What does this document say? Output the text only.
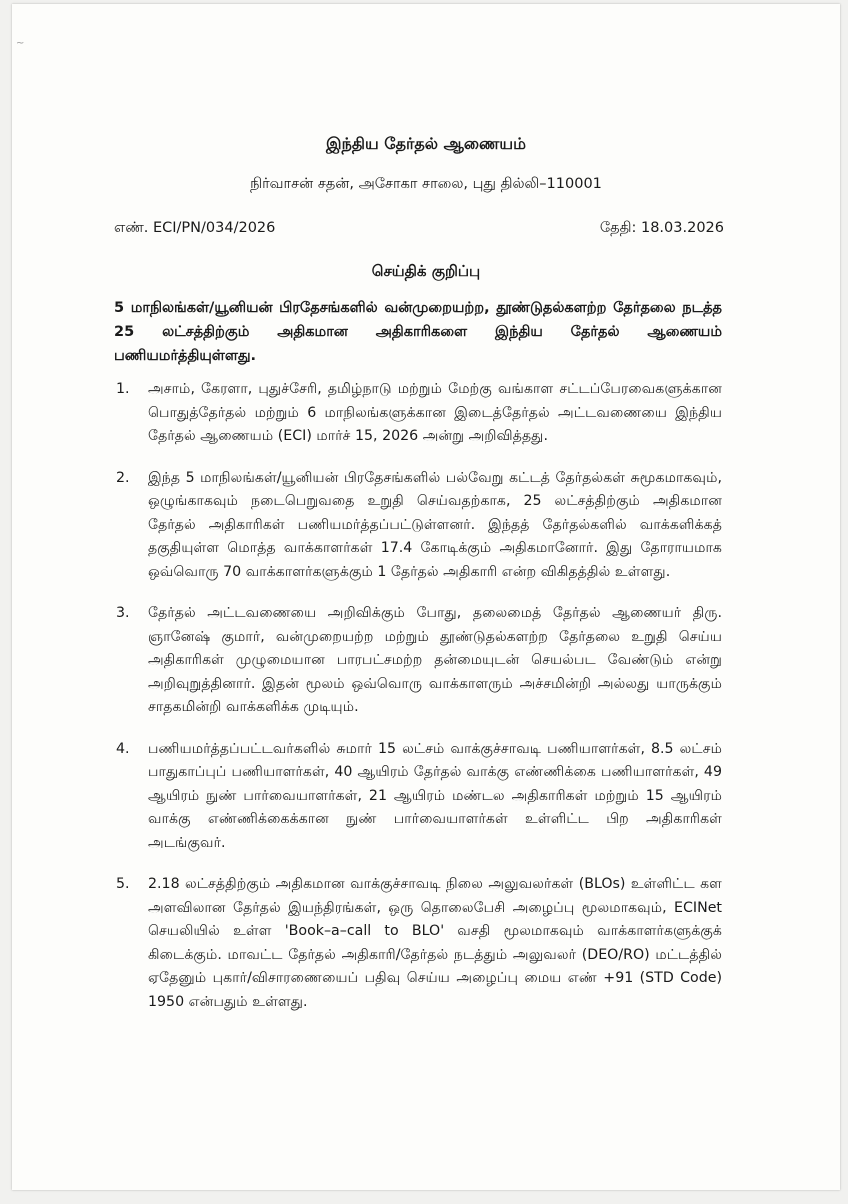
~
இந்திய தேர்தல் ஆணையம்
நிர்வாசன் சதன், அசோகா சாலை, புது தில்லி–110001
எண். ECI/PN/034/2026	தேதி: 18.03.2026
செய்திக் குறிப்பு
5 மாநிலங்கள்/யூனியன் பிரதேசங்களில் வன்முறையற்ற, தூண்டுதல்களற்ற தேர்தலை நடத்த 25 லட்சத்திற்கும் அதிகமான அதிகாரிகளை இந்திய தேர்தல் ஆணையம் பணியமர்த்தியுள்ளது.
1.	அசாம், கேரளா, புதுச்சேரி, தமிழ்நாடு மற்றும் மேற்கு வங்காள சட்டப்பேரவைகளுக்கான பொதுத்தேர்தல் மற்றும் 6 மாநிலங்களுக்கான இடைத்தேர்தல் அட்டவணையை இந்திய தேர்தல் ஆணையம் (ECI) மார்ச் 15, 2026 அன்று அறிவித்தது.
2.	இந்த 5 மாநிலங்கள்/யூனியன் பிரதேசங்களில் பல்வேறு கட்டத் தேர்தல்கள் சுமூகமாகவும், ஒழுங்காகவும் நடைபெறுவதை உறுதி செய்வதற்காக, 25 லட்சத்திற்கும் அதிகமான தேர்தல் அதிகாரிகள் பணியமர்த்தப்பட்டுள்ளனர். இந்தத் தேர்தல்களில் வாக்களிக்கத் தகுதியுள்ள மொத்த வாக்காளர்கள் 17.4 கோடிக்கும் அதிகமானோர். இது தோராயமாக ஒவ்வொரு 70 வாக்காளர்களுக்கும் 1 தேர்தல் அதிகாரி என்ற விகிதத்தில் உள்ளது.
3.	தேர்தல் அட்டவணையை அறிவிக்கும் போது, தலைமைத் தேர்தல் ஆணையர் திரு. ஞானேஷ் குமார், வன்முறையற்ற மற்றும் தூண்டுதல்களற்ற தேர்தலை உறுதி செய்ய அதிகாரிகள் முழுமையான பாரபட்சமற்ற தன்மையுடன் செயல்பட வேண்டும் என்று அறிவுறுத்தினார். இதன் மூலம் ஒவ்வொரு வாக்காளரும் அச்சமின்றி அல்லது யாருக்கும் சாதகமின்றி வாக்களிக்க முடியும்.
4.	பணியமர்த்தப்பட்டவர்களில் சுமார் 15 லட்சம் வாக்குச்சாவடி பணியாளர்கள், 8.5 லட்சம் பாதுகாப்புப் பணியாளர்கள், 40 ஆயிரம் தேர்தல் வாக்கு எண்ணிக்கை பணியாளர்கள், 49 ஆயிரம் நுண் பார்வையாளர்கள், 21 ஆயிரம் மண்டல அதிகாரிகள் மற்றும் 15 ஆயிரம் வாக்கு எண்ணிக்கைக்கான நுண் பார்வையாளர்கள் உள்ளிட்ட பிற அதிகாரிகள் அடங்குவர்.
5.	2.18 லட்சத்திற்கும் அதிகமான வாக்குச்சாவடி நிலை அலுவலர்கள் (BLOs) உள்ளிட்ட கள அளவிலான தேர்தல் இயந்திரங்கள், ஒரு தொலைபேசி அழைப்பு மூலமாகவும், ECINet செயலியில் உள்ள 'Book–a–call to BLO' வசதி மூலமாகவும் வாக்காளர்களுக்குக் கிடைக்கும். மாவட்ட தேர்தல் அதிகாரி/தேர்தல் நடத்தும் அலுவலர் (DEO/RO) மட்டத்தில் ஏதேனும் புகார்/விசாரணையைப் பதிவு செய்ய அழைப்பு மைய எண் +91 (STD Code) 1950 என்பதும் உள்ளது.
